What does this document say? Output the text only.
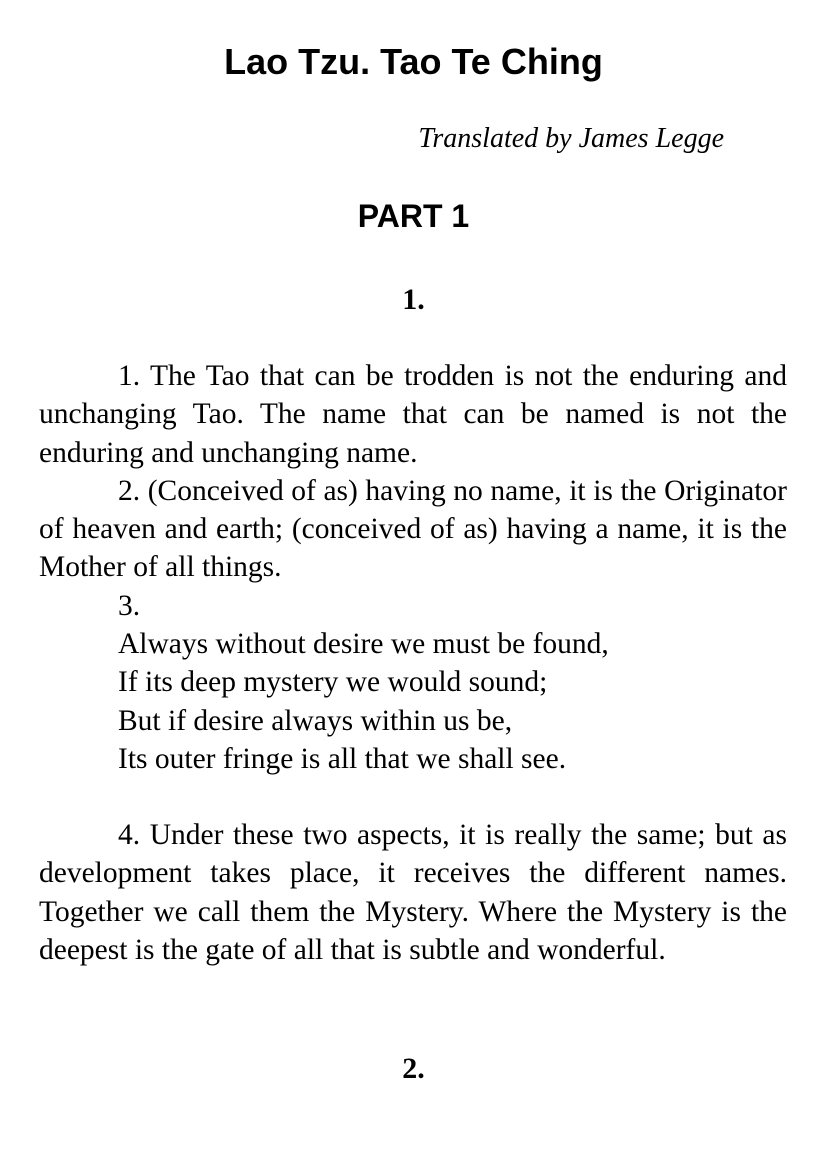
Lao Tzu. Tao Te Ching
Translated by James Legge
PART 1
1.

1. The Tao that can be trodden is not the enduring and unchanging Tao. The name that can be named is not the enduring and unchanging name.

2. (Conceived of as) having no name, it is the Originator of heaven and earth; (conceived of as) having a name, it is the Mother of all things.

3.
Always without desire we must be found,
If its deep mystery we would sound;
But if desire always within us be,
Its outer fringe is all that we shall see.

4. Under these two aspects, it is really the same; but as development takes place, it receives the different names. Together we call them the Mystery. Where the Mystery is the deepest is the gate of all that is subtle and wonderful.

2.
